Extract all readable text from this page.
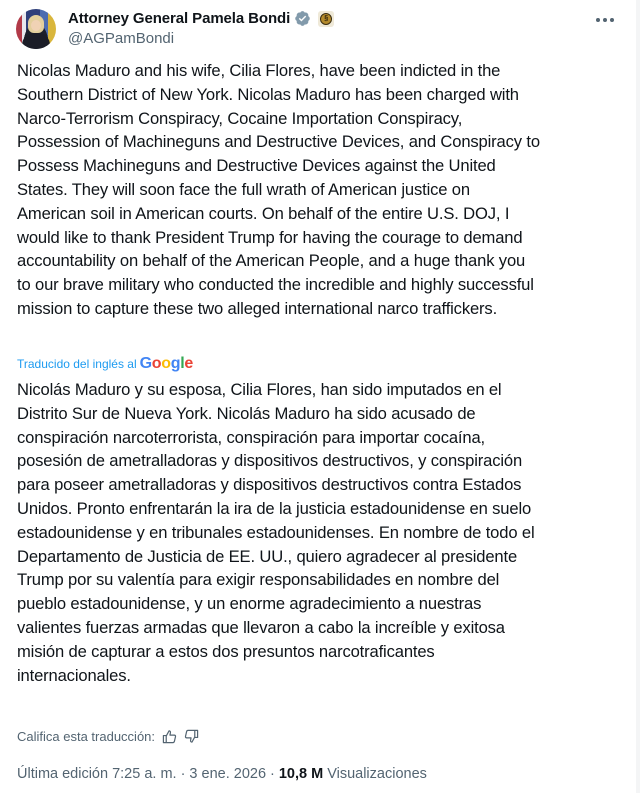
Attorney General Pamela Bondi	§
@AGPamBondi
Nicolas Maduro and his wife, Cilia Flores, have been indicted in the
Southern District of New York. Nicolas Maduro has been charged with
Narco-Terrorism Conspiracy, Cocaine Importation Conspiracy,
Possession of Machineguns and Destructive Devices, and Conspiracy to
Possess Machineguns and Destructive Devices against the United
States. They will soon face the full wrath of American justice on
American soil in American courts. On behalf of the entire U.S. DOJ, I
would like to thank President Trump for having the courage to demand
accountability on behalf of the American People, and a huge thank you
to our brave military who conducted the incredible and highly successful
mission to capture these two alleged international narco traffickers.
Traducido del inglés al Google
Nicolás Maduro y su esposa, Cilia Flores, han sido imputados en el
Distrito Sur de Nueva York. Nicolás Maduro ha sido acusado de
conspiración narcoterrorista, conspiración para importar cocaína,
posesión de ametralladoras y dispositivos destructivos, y conspiración
para poseer ametralladoras y dispositivos destructivos contra Estados
Unidos. Pronto enfrentarán la ira de la justicia estadounidense en suelo
estadounidense y en tribunales estadounidenses. En nombre de todo el
Departamento de Justicia de EE. UU., quiero agradecer al presidente
Trump por su valentía para exigir responsabilidades en nombre del
pueblo estadounidense, y un enorme agradecimiento a nuestras
valientes fuerzas armadas que llevaron a cabo la increíble y exitosa
misión de capturar a estos dos presuntos narcotraficantes
internacionales.
Califica esta traducción:
Última edición 7:25 a. m. · 3 ene. 2026 · 10,8 M Visualizaciones
